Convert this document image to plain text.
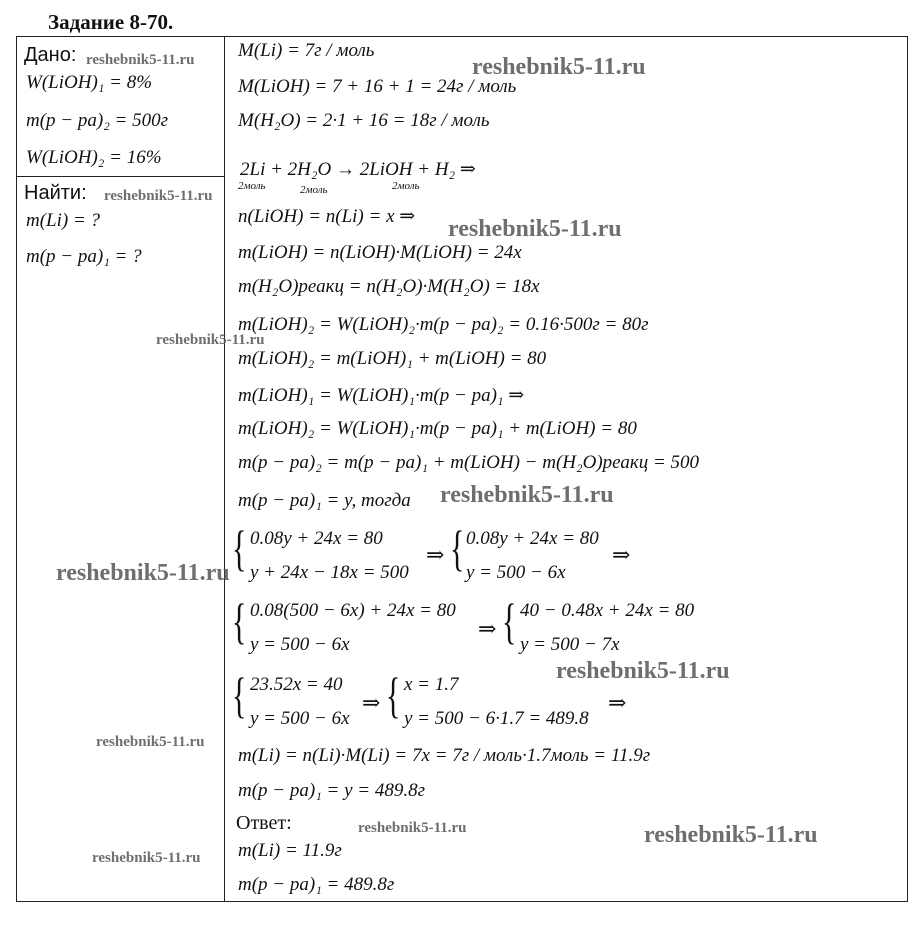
Задание 8-70.
Дано:
W(LiOH)₁ = 8%
m(p − pa)₂ = 500г
W(LiOH)₂ = 16%
Найти:
m(Li) = ?
m(p − pa)₁ = ?
M(Li) = 7г / моль
M(LiOH) = 7 + 16 + 1 = 24г / моль
M(H₂O) = 2·1 + 16 = 18г / моль
2Li + 2H₂O → 2LiOH + H₂ ⇒
2моль	2моль	2моль
n(LiOH) = n(Li) = x ⇒
m(LiOH) = n(LiOH)·M(LiOH) = 24x
m(H₂O)реакц = n(H₂O)·M(H₂O) = 18x
m(LiOH)₂ = W(LiOH)₂·m(p − pa)₂ = 0.16·500г = 80г
m(LiOH)₂ = m(LiOH)₁ + m(LiOH) = 80
m(LiOH)₁ = W(LiOH)₁·m(p − pa)₁ ⇒
m(LiOH)₂ = W(LiOH)₁·m(p − pa)₁ + m(LiOH) = 80
m(p − pa)₂ = m(p − pa)₁ + m(LiOH) − m(H₂O)реакц = 500
m(p − pa)₁ = y, тогда
{ 0.08y + 24x = 80
y + 24x − 18x = 500
⇒ { 0.08y + 24x = 80
y = 500 − 6x
⇒
{ 0.08(500 − 6x) + 24x = 80
y = 500 − 6x
⇒ { 40 − 0.48x + 24x = 80
y = 500 − 7x
{ 23.52x = 40
y = 500 − 6x
⇒ { x = 1.7
y = 500 − 6·1.7 = 489.8
⇒
m(Li) = n(Li)·M(Li) = 7x = 7г / моль·1.7моль = 11.9г
m(p − pa)₁ = y = 489.8г
Ответ:
m(Li) = 11.9г
m(p − pa)₁ = 489.8г
reshebnik5-11.ru	reshebnik5-11.ru
reshebnik5-11.ru
reshebnik5-11.ru
reshebnik5-11.ru
reshebnik5-11.ru
reshebnik5-11.ru
reshebnik5-11.ru
reshebnik5-11.ru
reshebnik5-11.ru	reshebnik5-11.ru
reshebnik5-11.ru
